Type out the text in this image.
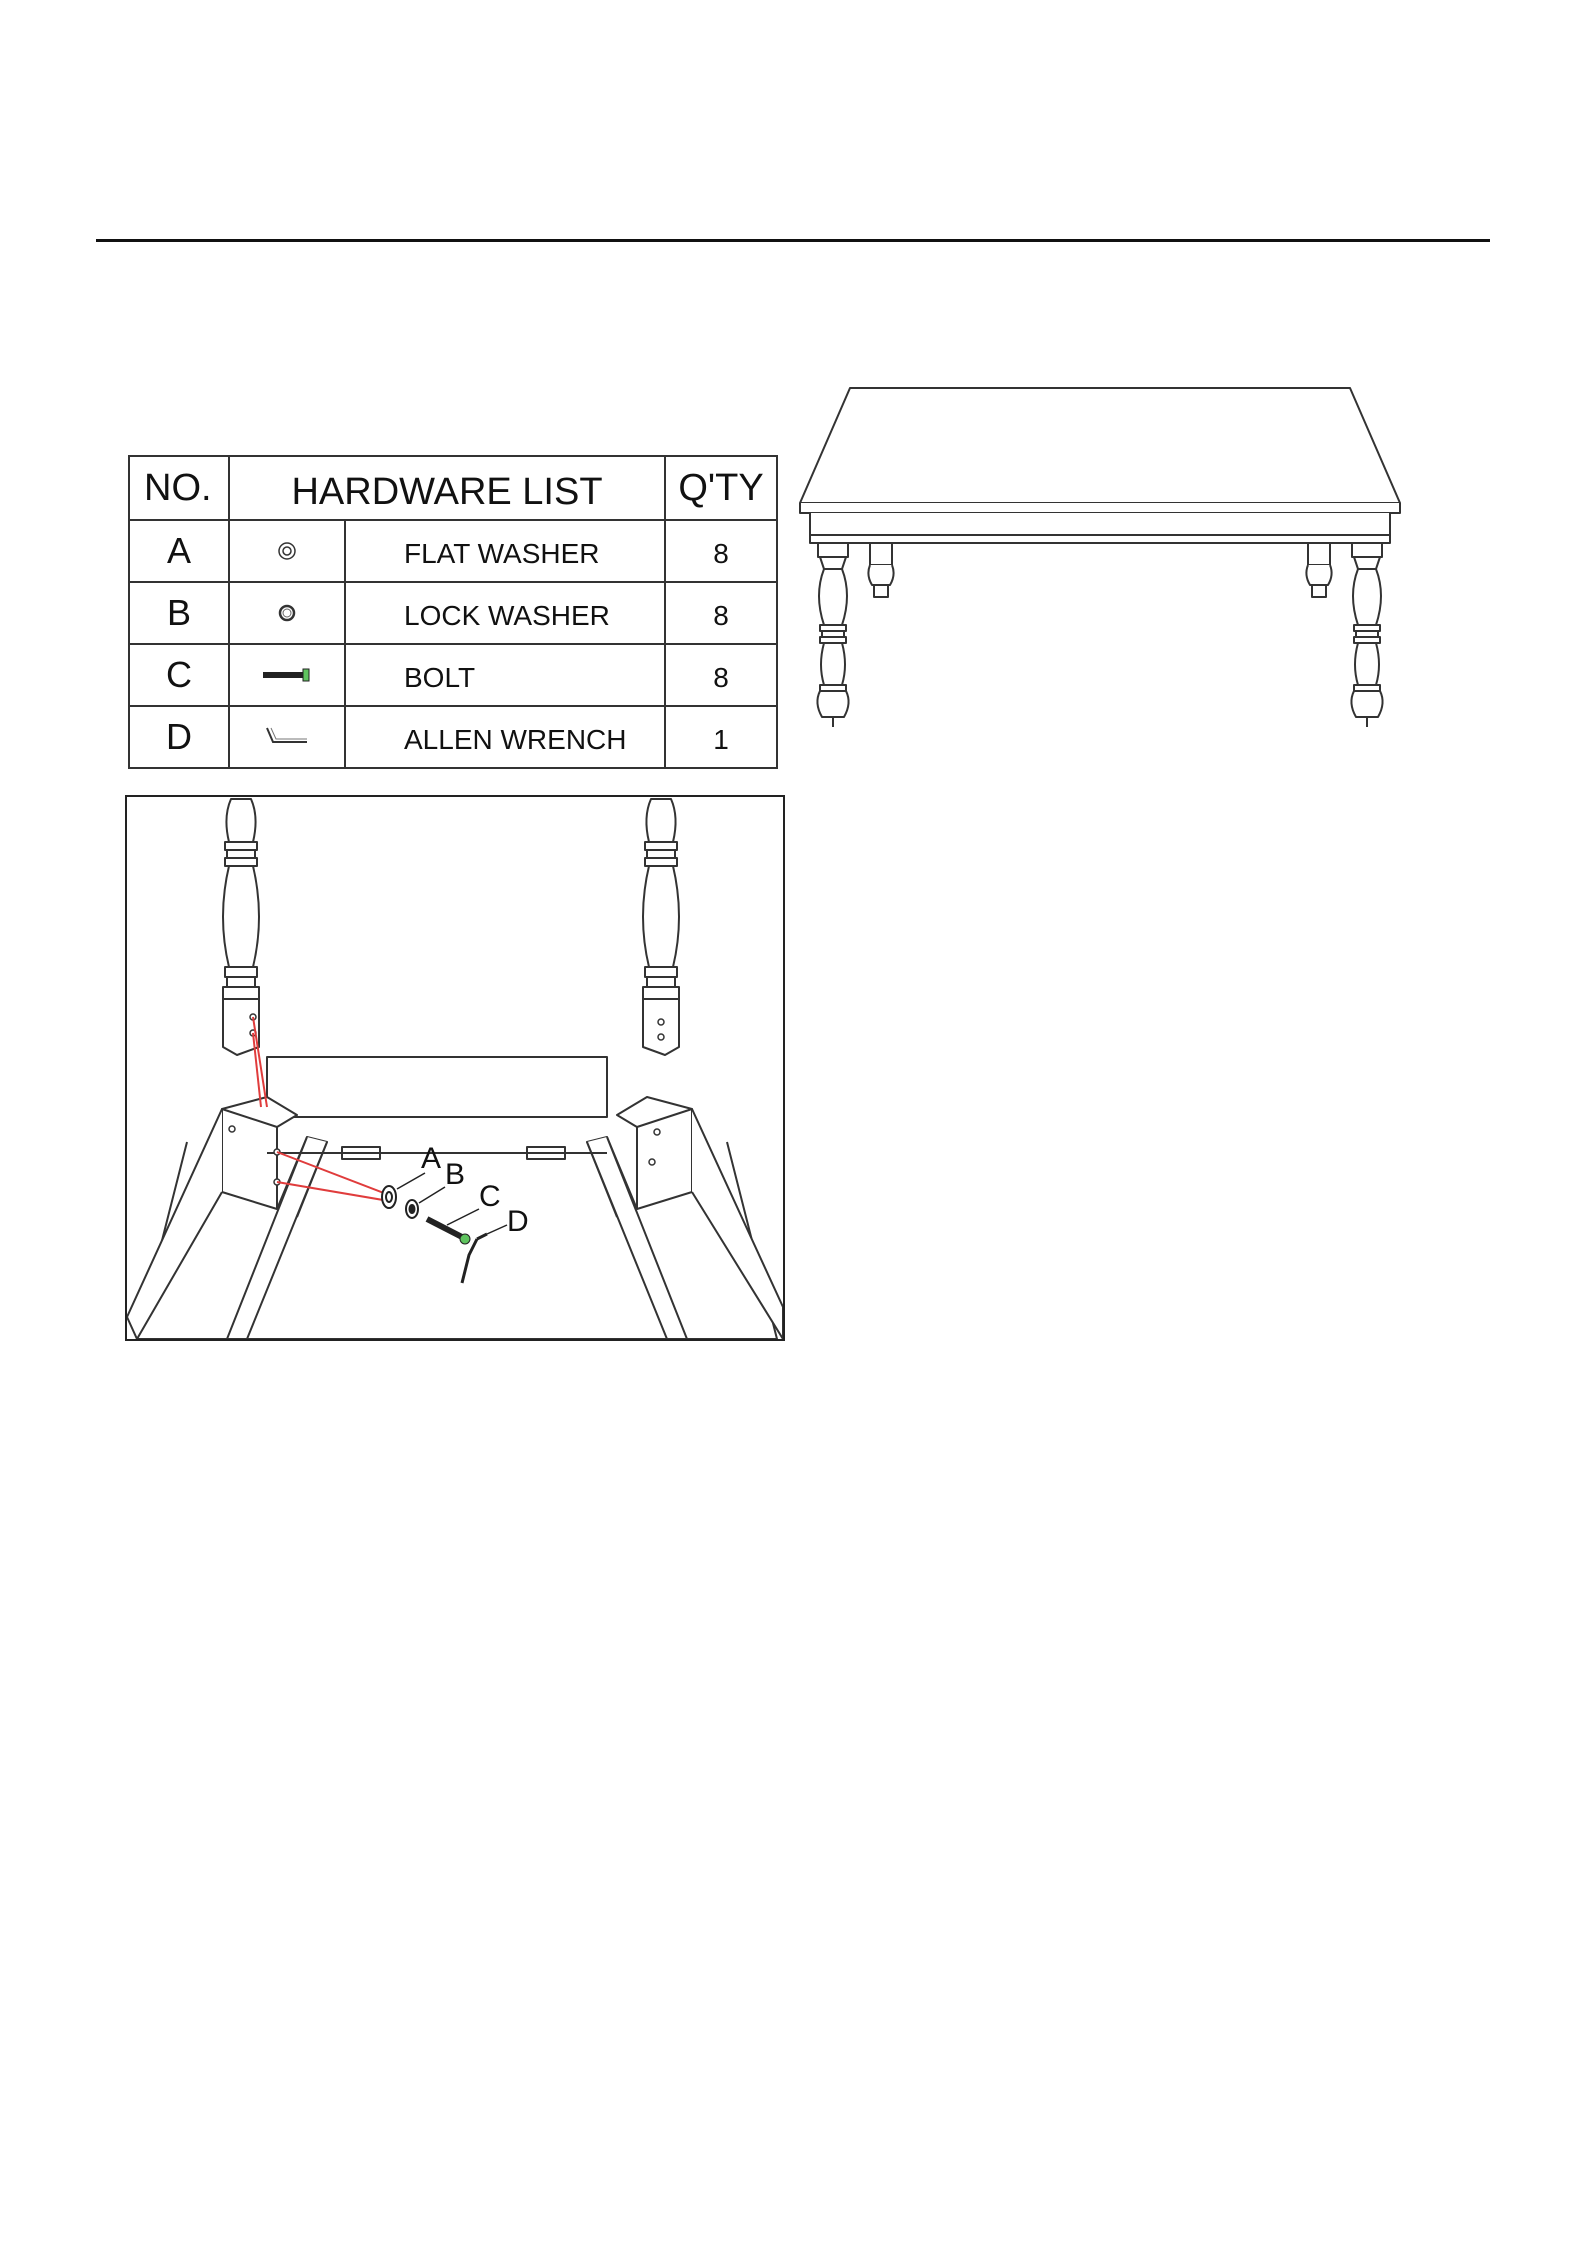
NO.	HARDWARE LIST		Q'TY
A		FLAT WASHER	8
B		LOCK WASHER	8
C		BOLT	8
D		ALLEN WRENCH	1
A B
C
D
